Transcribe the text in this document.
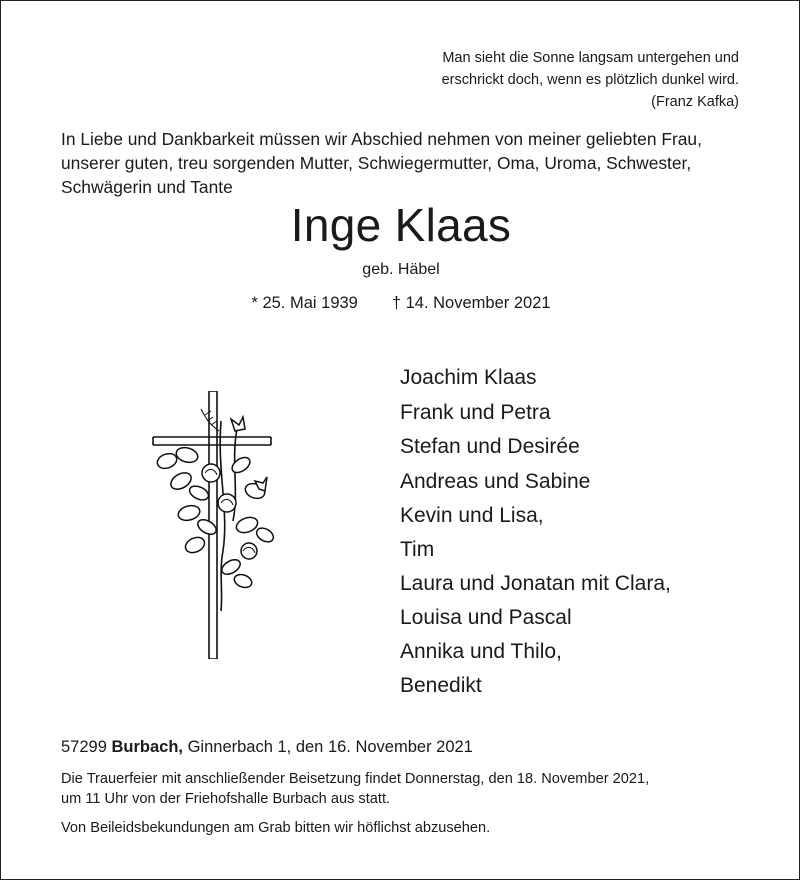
Man sieht die Sonne langsam untergehen und
erschrickt doch, wenn es plötzlich dunkel wird.
(Franz Kafka)
In Liebe und Dankbarkeit müssen wir Abschied nehmen von meiner geliebten Frau,
unserer guten, treu sorgenden Mutter, Schwiegermutter, Oma, Uroma, Schwester,
Schwägerin und Tante
Inge Klaas
geb. Häbel
* 25. Mai 1939 † 14. November 2021
Joachim Klaas
Frank und Petra
Stefan und Desirée
Andreas und Sabine
Kevin und Lisa,
Tim
Laura und Jonatan mit Clara,
Louisa und Pascal
Annika und Thilo,
Benedikt
57299 Burbach, Ginnerbach 1, den 16. November 2021
Die Trauerfeier mit anschließender Beisetzung findet Donnerstag, den 18. November 2021,
um 11 Uhr von der Friehofshalle Burbach aus statt.
Von Beileidsbekundungen am Grab bitten wir höflichst abzusehen.
